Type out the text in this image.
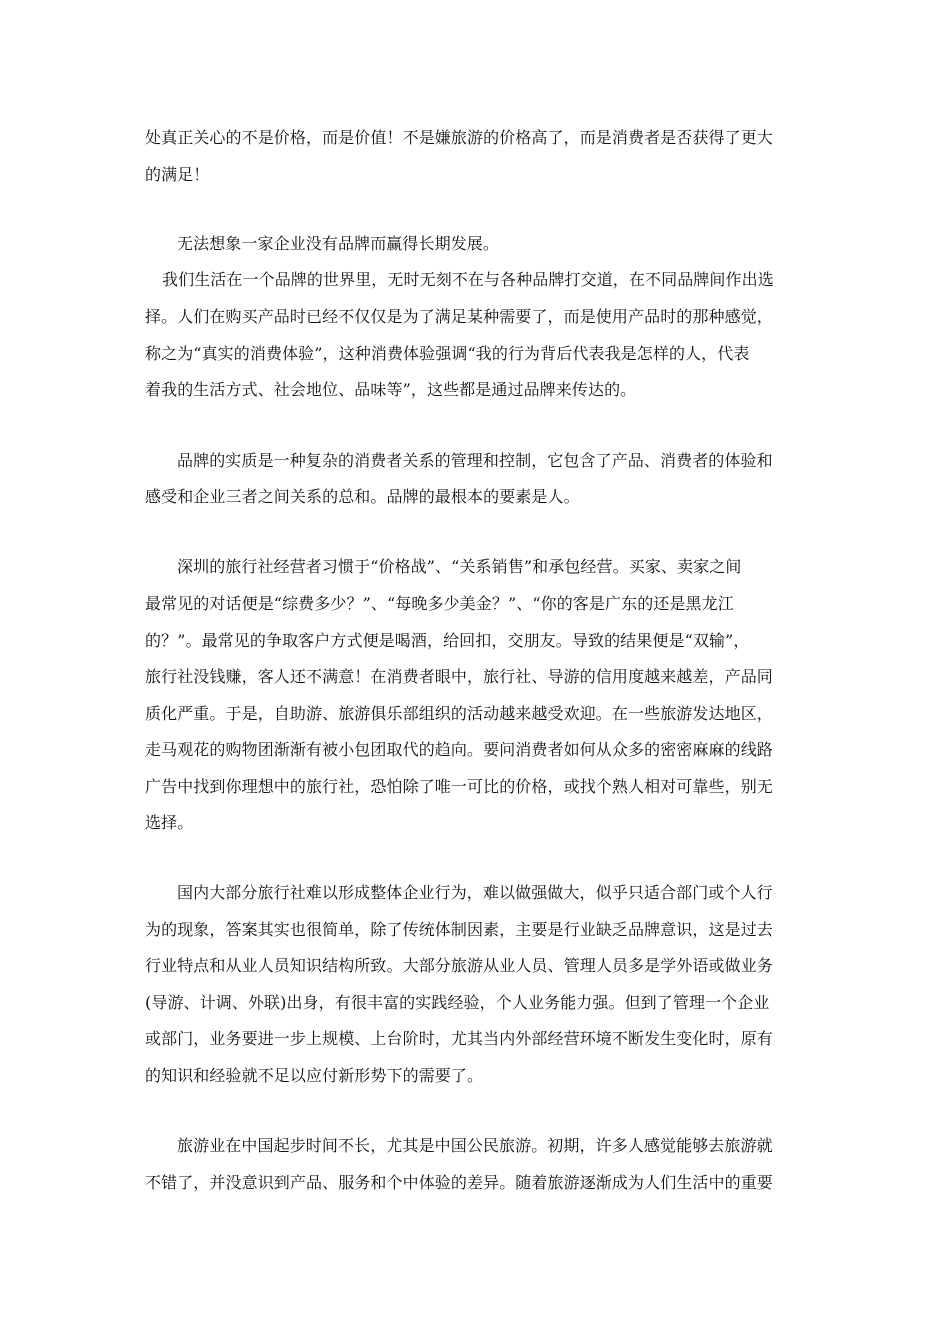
处真正关心的不是价格，而是价值！不是嫌旅游的价格高了，而是消费者是否获得了更大
的满足！
无法想象一家企业没有品牌而赢得长期发展。
我们生活在一个品牌的世界里，无时无刻不在与各种品牌打交道，在不同品牌间作出选
择。人们在购买产品时已经不仅仅是为了满足某种需要了，而是使用产品时的那种感觉，
称之为“真实的消费体验”，这种消费体验强调“我的行为背后代表我是怎样的人，代表
着我的生活方式、社会地位、品味等”，这些都是通过品牌来传达的。
品牌的实质是一种复杂的消费者关系的管理和控制，它包含了产品、消费者的体验和
感受和企业三者之间关系的总和。品牌的最根本的要素是人。
深圳的旅行社经营者习惯于“价格战”、“关系销售”和承包经营。买家、卖家之间
最常见的对话便是“综费多少？”、“每晚多少美金？”、“你的客是广东的还是黑龙江
的？”。最常见的争取客户方式便是喝酒，给回扣，交朋友。导致的结果便是“双输”，
旅行社没钱赚，客人还不满意！在消费者眼中，旅行社、导游的信用度越来越差，产品同
质化严重。于是，自助游、旅游俱乐部组织的活动越来越受欢迎。在一些旅游发达地区，
走马观花的购物团渐渐有被小包团取代的趋向。要问消费者如何从众多的密密麻麻的线路
广告中找到你理想中的旅行社，恐怕除了唯一可比的价格，或找个熟人相对可靠些，别无
选择。
国内大部分旅行社难以形成整体企业行为，难以做强做大，似乎只适合部门或个人行
为的现象，答案其实也很简单，除了传统体制因素，主要是行业缺乏品牌意识，这是过去
行业特点和从业人员知识结构所致。大部分旅游从业人员、管理人员多是学外语或做业务
(导游、计调、外联)出身，有很丰富的实践经验，个人业务能力强。但到了管理一个企业
或部门，业务要进一步上规模、上台阶时，尤其当内外部经营环境不断发生变化时，原有
的知识和经验就不足以应付新形势下的需要了。
旅游业在中国起步时间不长，尤其是中国公民旅游。初期，许多人感觉能够去旅游就
不错了，并没意识到产品、服务和个中体验的差异。随着旅游逐渐成为人们生活中的重要
